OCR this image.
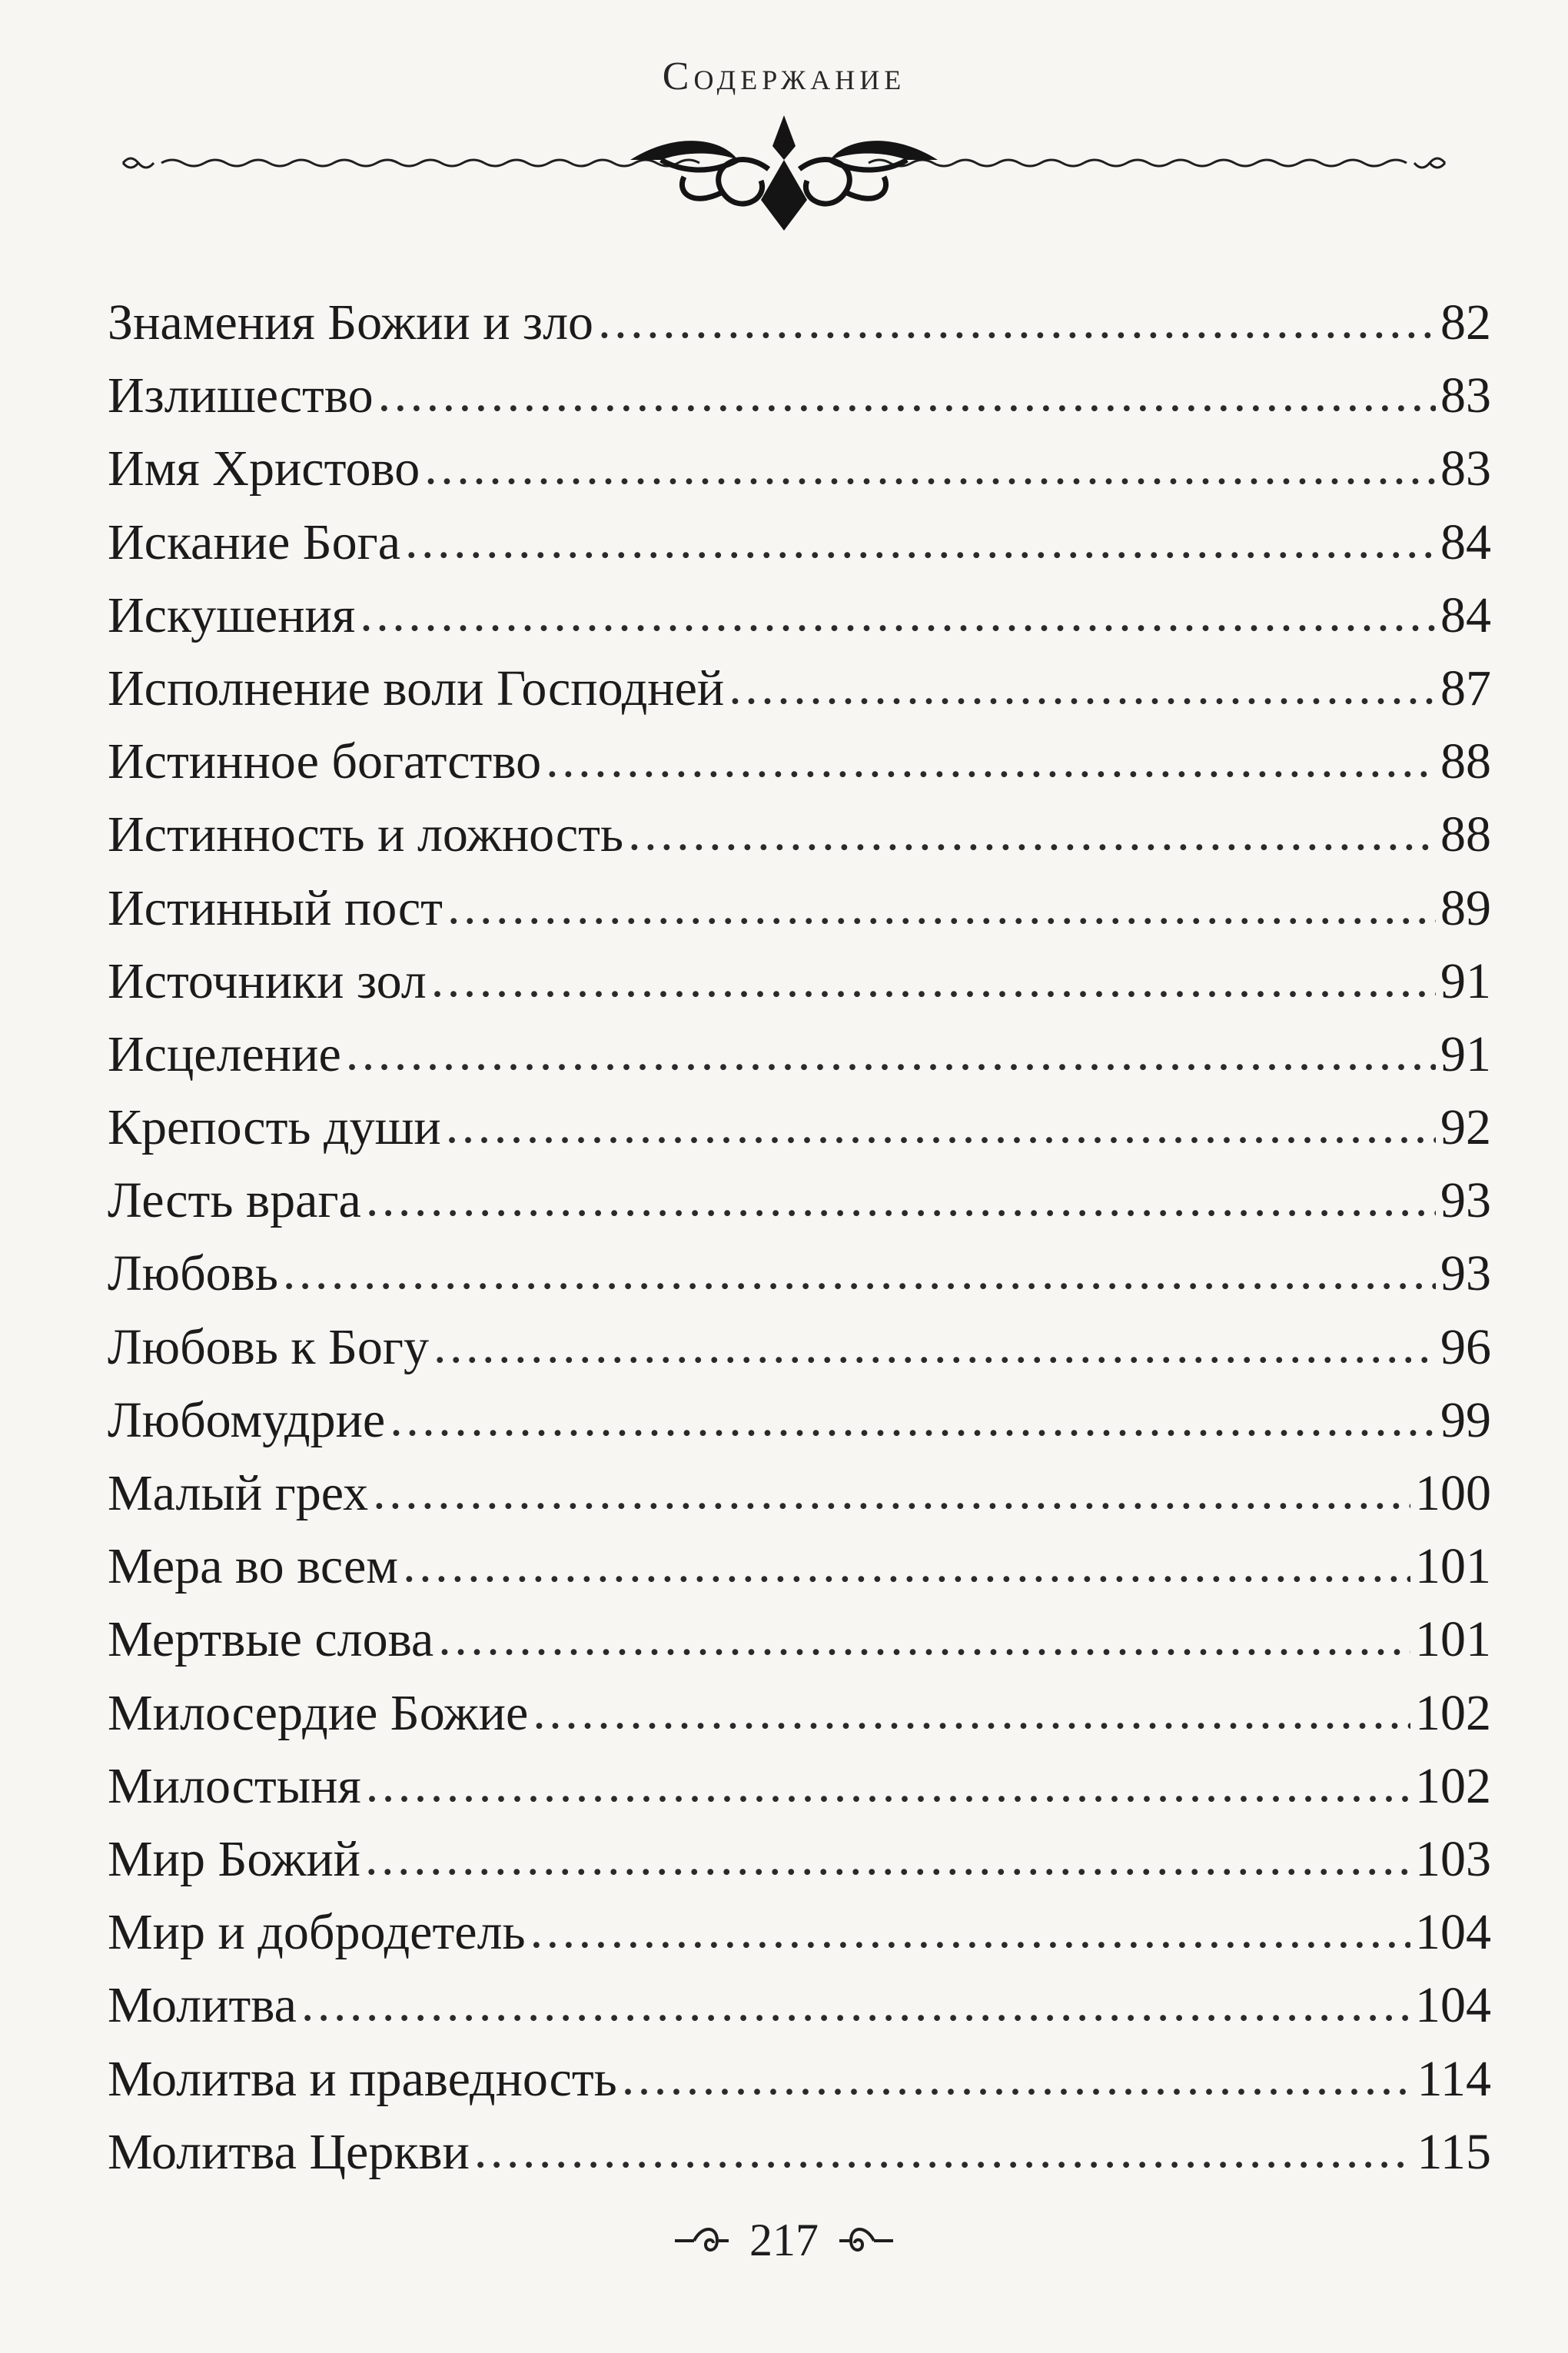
Содержание
Знамения Божии и зло . . .	82
Излишество . . .	83
Имя Христово . . .	83
Искание Бога . . .	84
Искушения . . .	84
Исполнение воли Господней . . .	87
Истинное богатство . . .	88
Истинность и ложность . . .	88
Истинный пост . . .	89
Источники зол . . .	91
Исцеление . . .	91
Крепость души . . .	92
Лесть врага . . .	93
Любовь . . .	93
Любовь к Богу . . .	96
Любомудрие . . .	99
Малый грех . . .	100
Мера во всем . . .	101
Мертвые слова . . .	101
Милосердие Божие . . .	102
Милостыня . . .	102
Мир Божий . . .	103
Мир и добродетель . . .	104
Молитва . . .	104
Молитва и праведность . . .	114
Молитва Церкви . . .	115
217
